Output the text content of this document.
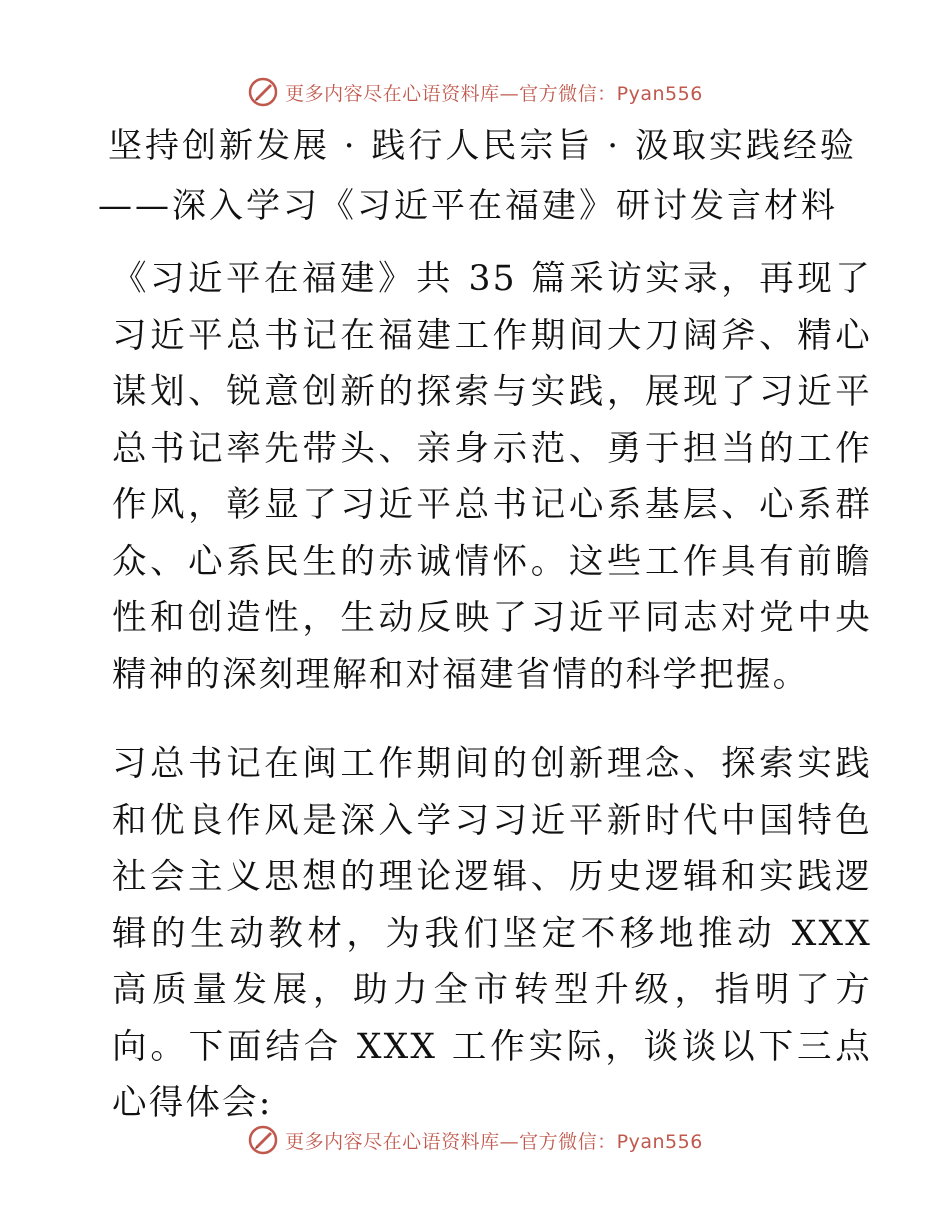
更多内容尽在心语资料库—官方微信：Pyan556
坚持创新发展 · 践行人民宗旨 · 汲取实践经验
——深入学习《习近平在福建》研讨发言材料

《习近平在福建》共 35 篇采访实录，再现了习近平总书记在福建工作期间大刀阔斧、精心谋划、锐意创新的探索与实践，展现了习近平总书记率先带头、亲身示范、勇于担当的工作作风，彰显了习近平总书记心系基层、心系群众、心系民生的赤诚情怀。这些工作具有前瞻性和创造性，生动反映了习近平同志对党中央精神的深刻理解和对福建省情的科学把握。

习总书记在闽工作期间的创新理念、探索实践和优良作风是深入学习习近平新时代中国特色社会主义思想的理论逻辑、历史逻辑和实践逻辑的生动教材，为我们坚定不移地推动 XXX 高质量发展，助力全市转型升级，指明了方向。下面结合 XXX 工作实际，谈谈以下三点心得体会:

更多内容尽在心语资料库—官方微信：Pyan556
